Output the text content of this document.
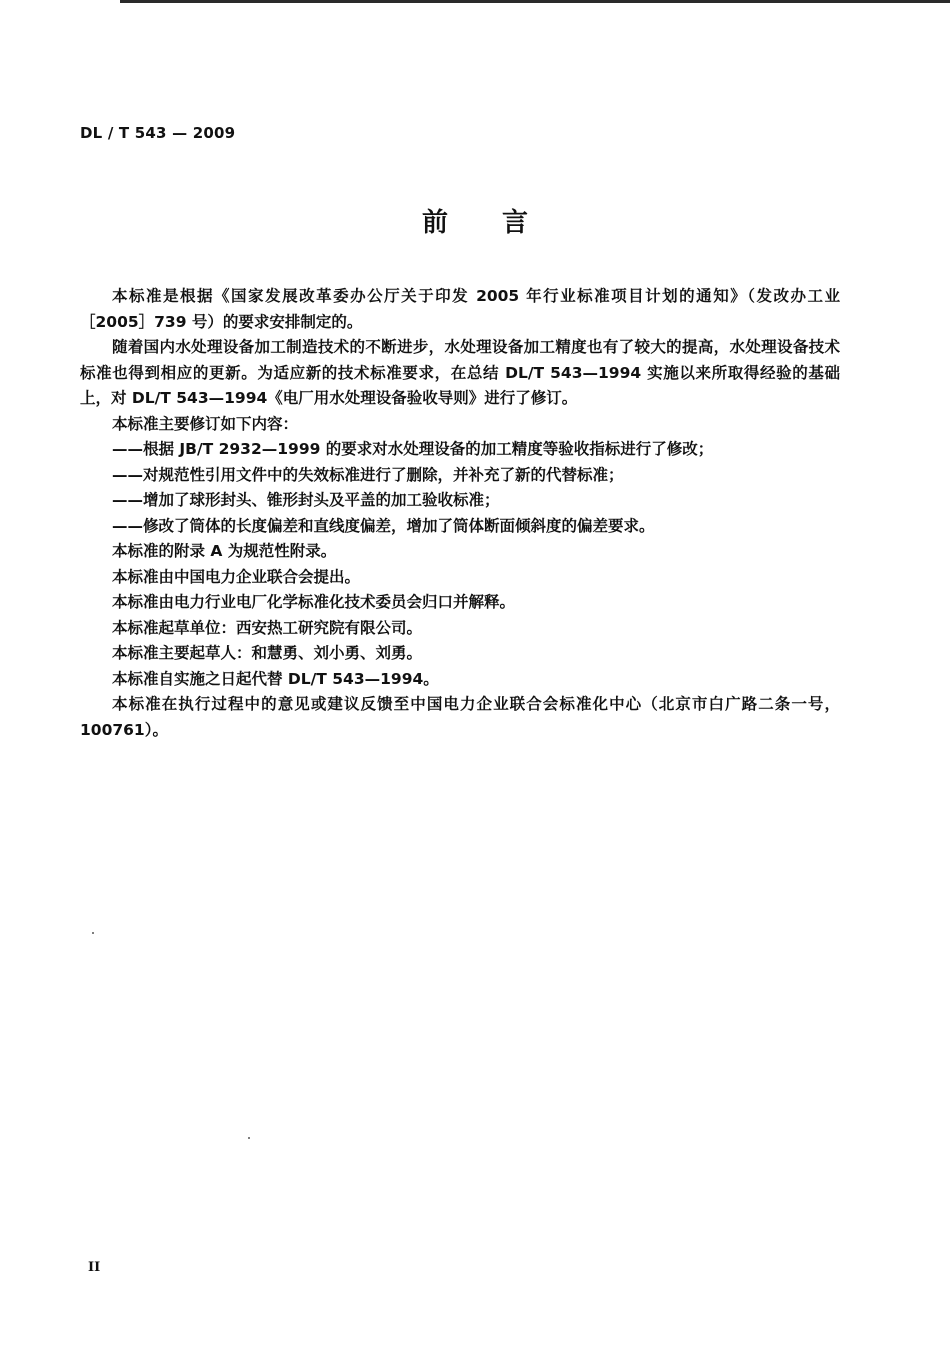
DL / T 543 — 2009
前言

本标准是根据《国家发展改革委办公厅关于印发 2005 年行业标准项目计划的通知》（发改办工业［2005］739 号）的要求安排制定的。

随着国内水处理设备加工制造技术的不断进步，水处理设备加工精度也有了较大的提高，水处理设备技术标准也得到相应的更新。为适应新的技术标准要求，在总结 DL/T 543—1994 实施以来所取得经验的基础上，对 DL/T 543—1994《电厂用水处理设备验收导则》进行了修订。

本标准主要修订如下内容：

——根据 JB/T 2932—1999 的要求对水处理设备的加工精度等验收指标进行了修改；

——对规范性引用文件中的失效标准进行了删除，并补充了新的代替标准；

——增加了球形封头、锥形封头及平盖的加工验收标准；

——修改了筒体的长度偏差和直线度偏差，增加了筒体断面倾斜度的偏差要求。

本标准的附录 A 为规范性附录。

本标准由中国电力企业联合会提出。

本标准由电力行业电厂化学标准化技术委员会归口并解释。

本标准起草单位：西安热工研究院有限公司。

本标准主要起草人：和慧勇、刘小勇、刘勇。

本标准自实施之日起代替 DL/T 543—1994。

本标准在执行过程中的意见或建议反馈至中国电力企业联合会标准化中心（北京市白广路二条一号，100761）。

II
